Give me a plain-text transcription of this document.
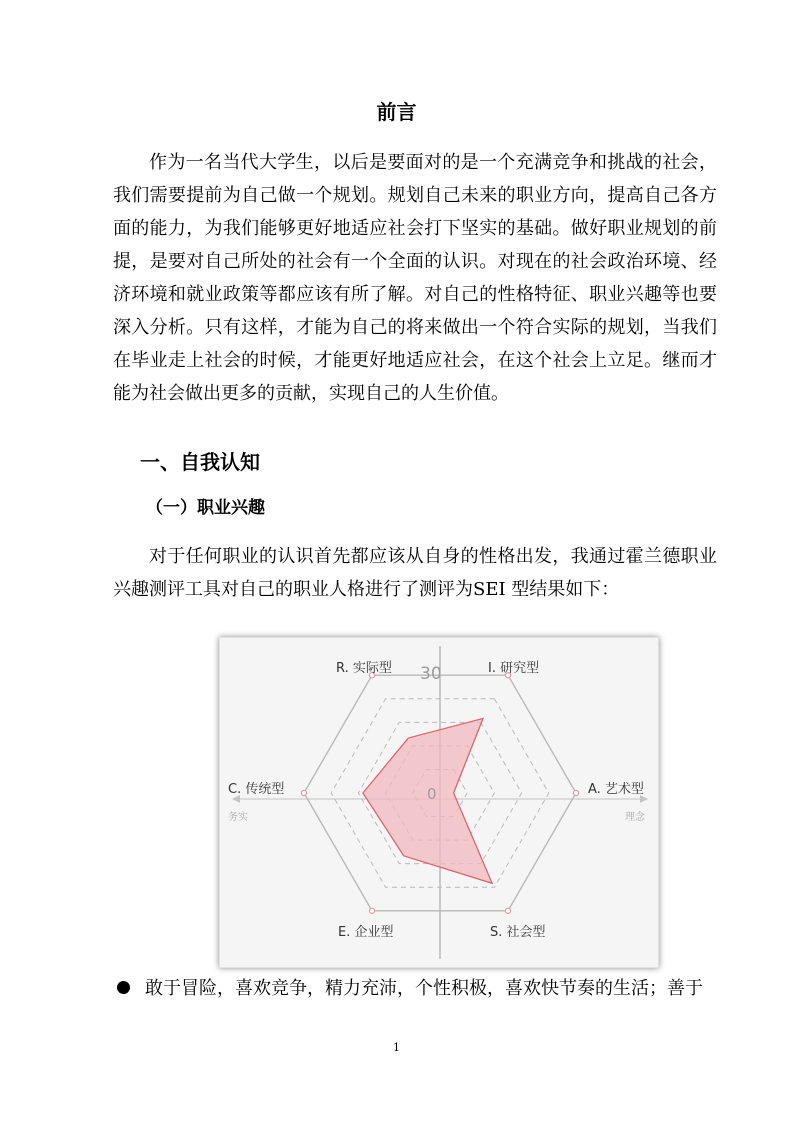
前言

作为一名当代大学生，以后是要面对的是一个充满竞争和挑战的社会，我们需要提前为自己做一个规划。规划自己未来的职业方向，提高自己各方面的能力，为我们能够更好地适应社会打下坚实的基础。做好职业规划的前提，是要对自己所处的社会有一个全面的认识。对现在的社会政治环境、经济环境和就业政策等都应该有所了解。对自己的性格特征、职业兴趣等也要深入分析。只有这样，才能为自己的将来做出一个符合实际的规划，当我们在毕业走上社会的时候，才能更好地适应社会，在这个社会上立足。继而才能为社会做出更多的贡献，实现自己的人生价值。

一、自我认知
（一）职业兴趣

对于任何职业的认识首先都应该从自身的性格出发，我通过霍兰德职业兴趣测评工具对自己的职业人格进行了测评为SEI 型结果如下：

I. 研究型
A. 艺术型
S. 社会型
E. 企业型
C. 传统型
R. 实际型 30
0
务实	理念
敢于冒险，喜欢竞争，精力充沛，个性积极，喜欢快节奏的生活；善于
1
